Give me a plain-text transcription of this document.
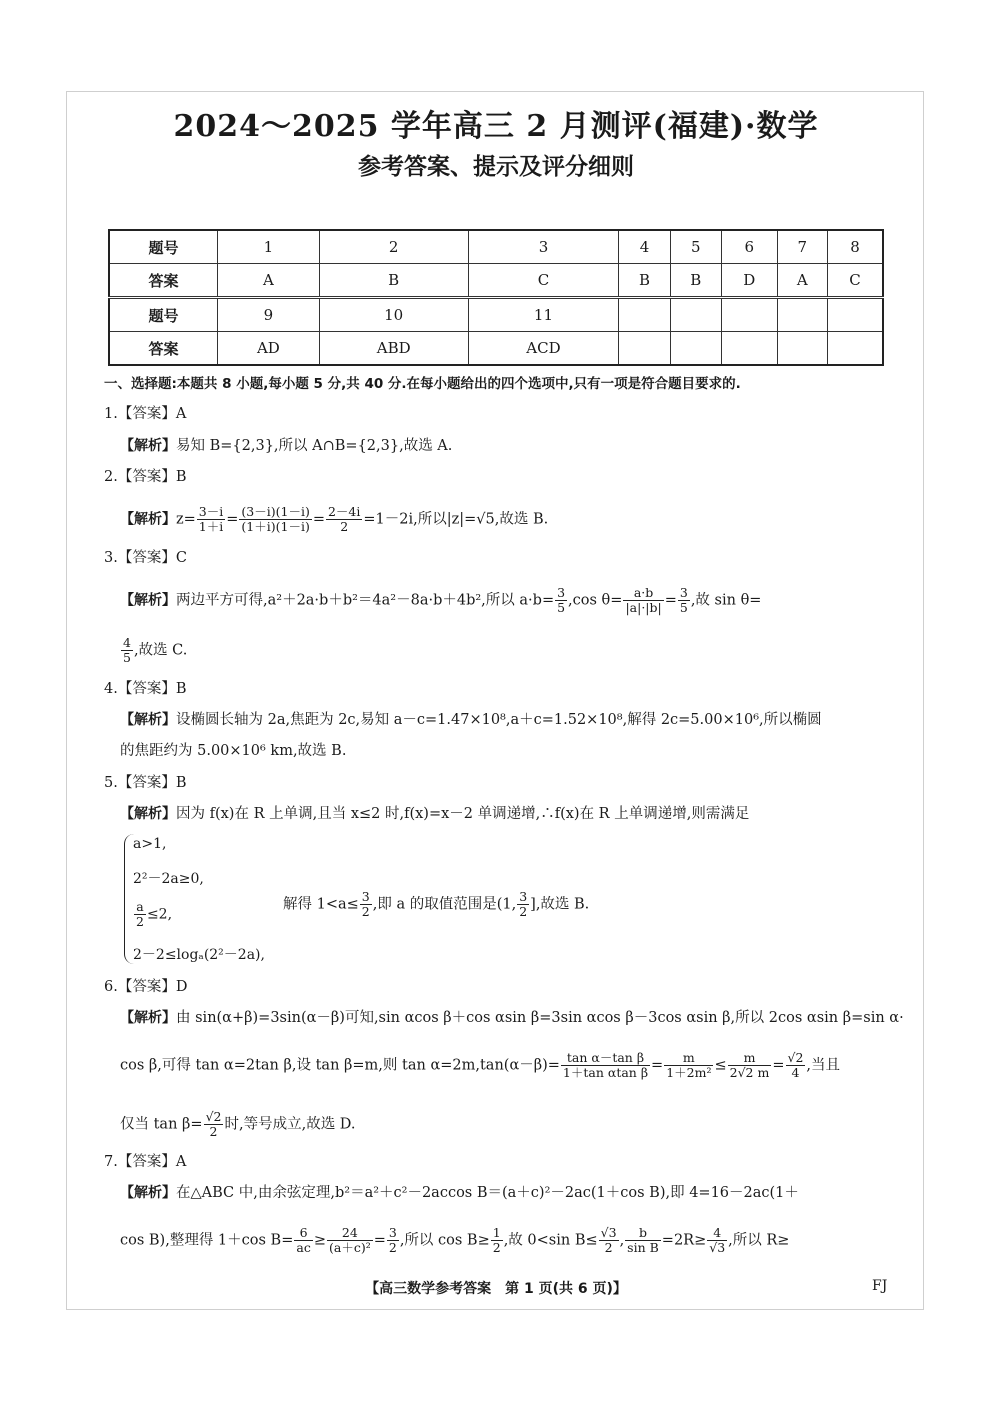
2024～2025 学年高三 2 月测评(福建)·数学
参考答案、提示及评分细则
题号	1	2	3	4	5	6	7	8
答案	A	B	C	B	B	D	A	C
题号	9	10	11					
答案	AD	ABD	ACD					
一、选择题:本题共 8 小题,每小题 5 分,共 40 分.在每小题给出的四个选项中,只有一项是符合题目要求的.
1.【答案】A
【解析】易知 B={2,3},所以 A∩B={2,3},故选 A.
2.【答案】B
【解析】$z= \frac{3-i}{1+i} = \frac{(3-i)(1-i)}{(1+i)(1-i)} = \frac{2-4i}{2} =1-2i$,所以|z|=√5,故选 B.
3.【答案】C
【解析】两边平方可得,a²＋2a·b＋b²＝4a²－8a·b＋4b²,所以 $a\cdot b= \frac{3}{5} ,\cos$ $\theta= \frac{a\cdot b}{|a|\cdot|b|} = \frac{3}{5}$ ,故 sin θ=
$\frac{4}{5}$ ,故选 C.
4.【答案】B
【解析】设椭圆长轴为 2a,焦距为 2c,易知 a－c=1.47×10⁸,a＋c=1.52×10⁸,解得 2c=5.00×10⁶,所以椭圆
的焦距约为 5.00×10⁶ km,故选 B.
5.【答案】B
【解析】因为 f(x)在 R 上单调,且当 x≤2 时,f(x)=x－2 单调递增,∴f(x)在 R 上单调递增,则需满足
a>1,
2²－2a≥0,
$\frac{a}{2} \le 2$,
2－2≤logₐ(2²－2a),
解得 $1<a\le \frac{3}{2}$ ,即 a 的取值范围是(1, $\frac{3}{2}$ ],故选 B.
6.【答案】D
【解析】由 sin(α+β)=3sin(α－β)可知,sin αcos β＋cos αsin β=3sin αcos β－3cos αsin β,所以 2cos αsin β=sin α·
cos β,可得 tan α=2tan β,设 tan β=m,则 $\tan \alpha=2m,\tan(\alpha-\beta)= \frac{\text{tan α－tan β}}{\text{1＋tan αtan β}} = \frac{m}{\text{1＋2m²}} \le \frac{m}{2√2 m} = \frac{√2}{4}$ ,当且
仅当 $\tan \beta= \frac{√2}{2}$ 时,等号成立,故选 D.
7.【答案】A
【解析】在△ABC 中,由余弦定理,b²＝a²＋c²－2accos B＝(a＋c)²－2ac(1＋cos B),即 4=16－2ac(1＋
cos B),整理得 1＋cos $B= \frac{6}{ac} \ge \frac{24}{\text{(a＋c)²}} = \frac{3}{2}$ ,所以 $\cos B\ge \frac{1}{2}$ ,故 0<sin $B\le \frac{√3}{2}$ , $\frac{b}{\text{sin B}} =2R\ge \frac{4}{√3}$ ,所以 R≥
【高三数学参考答案　第 1 页(共 6 页)】	FJ
